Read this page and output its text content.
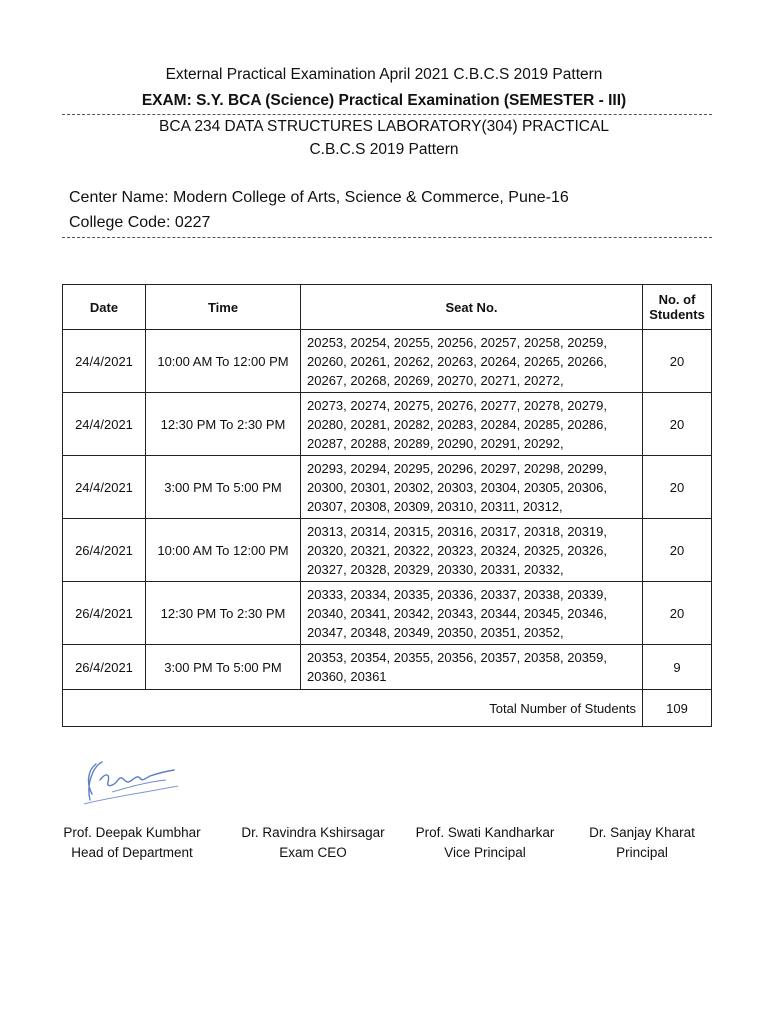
External Practical Examination April 2021 C.B.C.S 2019 Pattern
EXAM: S.Y. BCA (Science) Practical Examination (SEMESTER - III)
BCA 234 DATA STRUCTURES LABORATORY(304) PRACTICAL
C.B.C.S 2019 Pattern
Center Name: Modern College of Arts, Science & Commerce, Pune-16
College Code: 0227
Date	Time	Seat No.	No. of
Students
24/4/2021	10:00 AM To 12:00 PM	20253, 20254, 20255, 20256, 20257, 20258, 20259,
20260, 20261, 20262, 20263, 20264, 20265, 20266,
20267, 20268, 20269, 20270, 20271, 20272,	20
24/4/2021	12:30 PM To 2:30 PM	20273, 20274, 20275, 20276, 20277, 20278, 20279,
20280, 20281, 20282, 20283, 20284, 20285, 20286,
20287, 20288, 20289, 20290, 20291, 20292,	20
24/4/2021	3:00 PM To 5:00 PM	20293, 20294, 20295, 20296, 20297, 20298, 20299,
20300, 20301, 20302, 20303, 20304, 20305, 20306,
20307, 20308, 20309, 20310, 20311, 20312,	20
26/4/2021	10:00 AM To 12:00 PM	20313, 20314, 20315, 20316, 20317, 20318, 20319,
20320, 20321, 20322, 20323, 20324, 20325, 20326,
20327, 20328, 20329, 20330, 20331, 20332,	20
26/4/2021	12:30 PM To 2:30 PM	20333, 20334, 20335, 20336, 20337, 20338, 20339,
20340, 20341, 20342, 20343, 20344, 20345, 20346,
20347, 20348, 20349, 20350, 20351, 20352,	20
26/4/2021	3:00 PM To 5:00 PM	20353, 20354, 20355, 20356, 20357, 20358, 20359,
20360, 20361	9
Total Number of Students			109
Prof. Deepak Kumbhar
Head of Department
Dr. Ravindra Kshirsagar
Exam CEO
Prof. Swati Kandharkar
Vice Principal
Dr. Sanjay Kharat
Principal
